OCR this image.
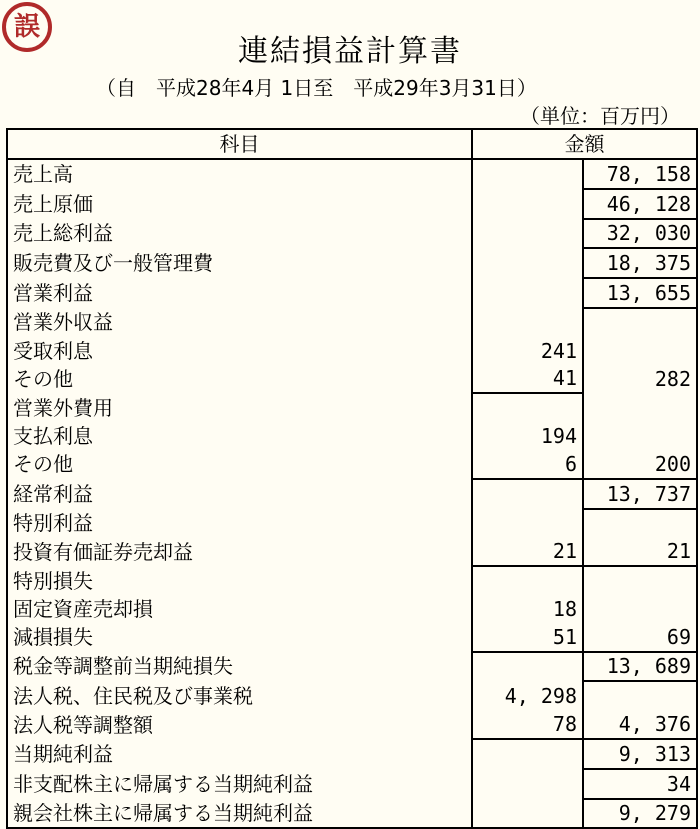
誤
連結損益計算書
（自　平成28年4月 1日至　平成29年3月31日）
（単位：百万円）
科目	金額	
売上高		78, 158
売上原価		46, 128
売上総利益		32, 030
販売費及び一般管理費		18, 375
営業利益		13, 655
営業外収益		
受取利息	241	
その他	41	282
営業外費用		
支払利息	194	
その他	6	200
経常利益		13, 737
特別利益		
投資有価証券売却益	21	21
特別損失		
固定資産売却損	18	
減損損失	51	69
税金等調整前当期純損失		13, 689
法人税、住民税及び事業税	4, 298	
法人税等調整額	78	4, 376
当期純利益		9, 313
非支配株主に帰属する当期純利益		34
親会社株主に帰属する当期純利益		9, 279
